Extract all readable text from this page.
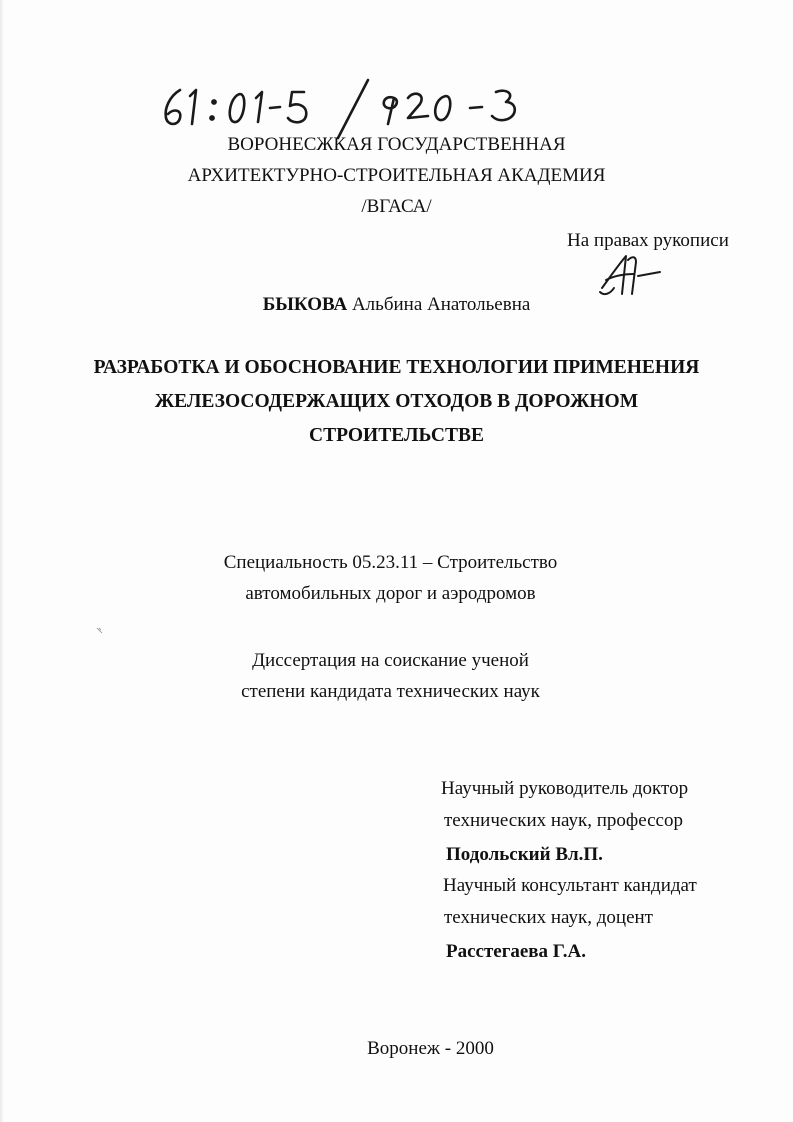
ВОРОНЕСЖКАЯ ГОСУДАРСТВЕННАЯ
АРХИТЕКТУРНО-СТРОИТЕЛЬНАЯ АКАДЕМИЯ
/ВГАСА/
На правах рукописи
БЫКОВА Альбина Анатольевна
РАЗРАБОТКА И ОБОСНОВАНИЕ ТЕХНОЛОГИИ ПРИМЕНЕНИЯ
ЖЕЛЕЗОСОДЕРЖАЩИХ ОТХОДОВ В ДОРОЖНОМ
СТРОИТЕЛЬСТВЕ
Специальность 05.23.11 – Строительство
автомобильных дорог и аэродромов
Диссертация на соискание ученой
степени кандидата технических наук
Научный руководитель доктор
технических наук, профессор
Подольский Вл.П.
Научный консультант кандидат
технических наук, доцент
Расстегаева Г.А.
Воронеж - 2000
